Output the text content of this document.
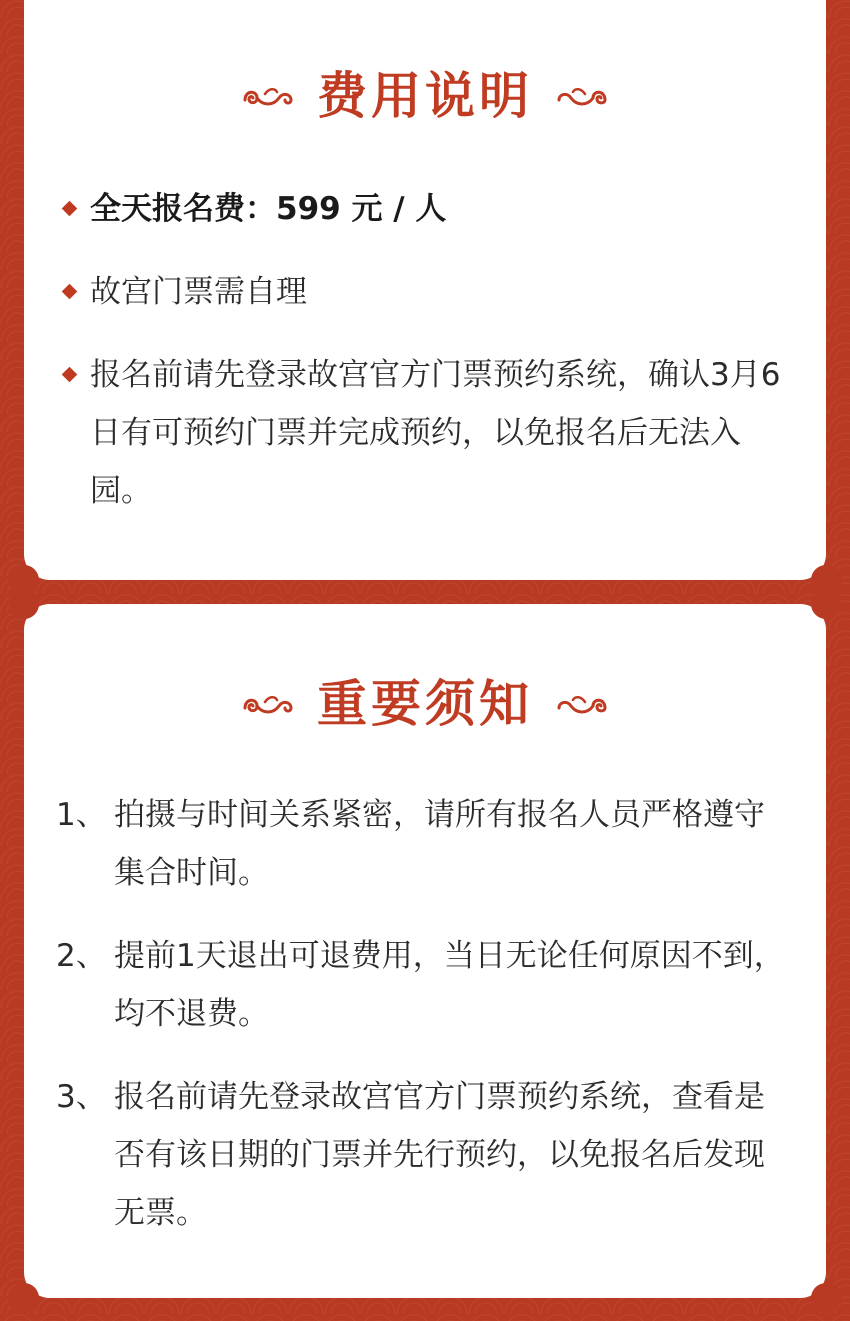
费用说明
全天报名费：599 元 / 人
故宫门票需自理
报名前请先登录故宫官方门票预约系统，确认3月6日有可预约门票并完成预约，以免报名后无法入园。
重要须知
1、 拍摄与时间关系紧密，请所有报名人员严格遵守集合时间。
2、 提前1天退出可退费用，当日无论任何原因不到，均不退费。
3、 报名前请先登录故宫官方门票预约系统，查看是否有该日期的门票并先行预约，以免报名后发现无票。
